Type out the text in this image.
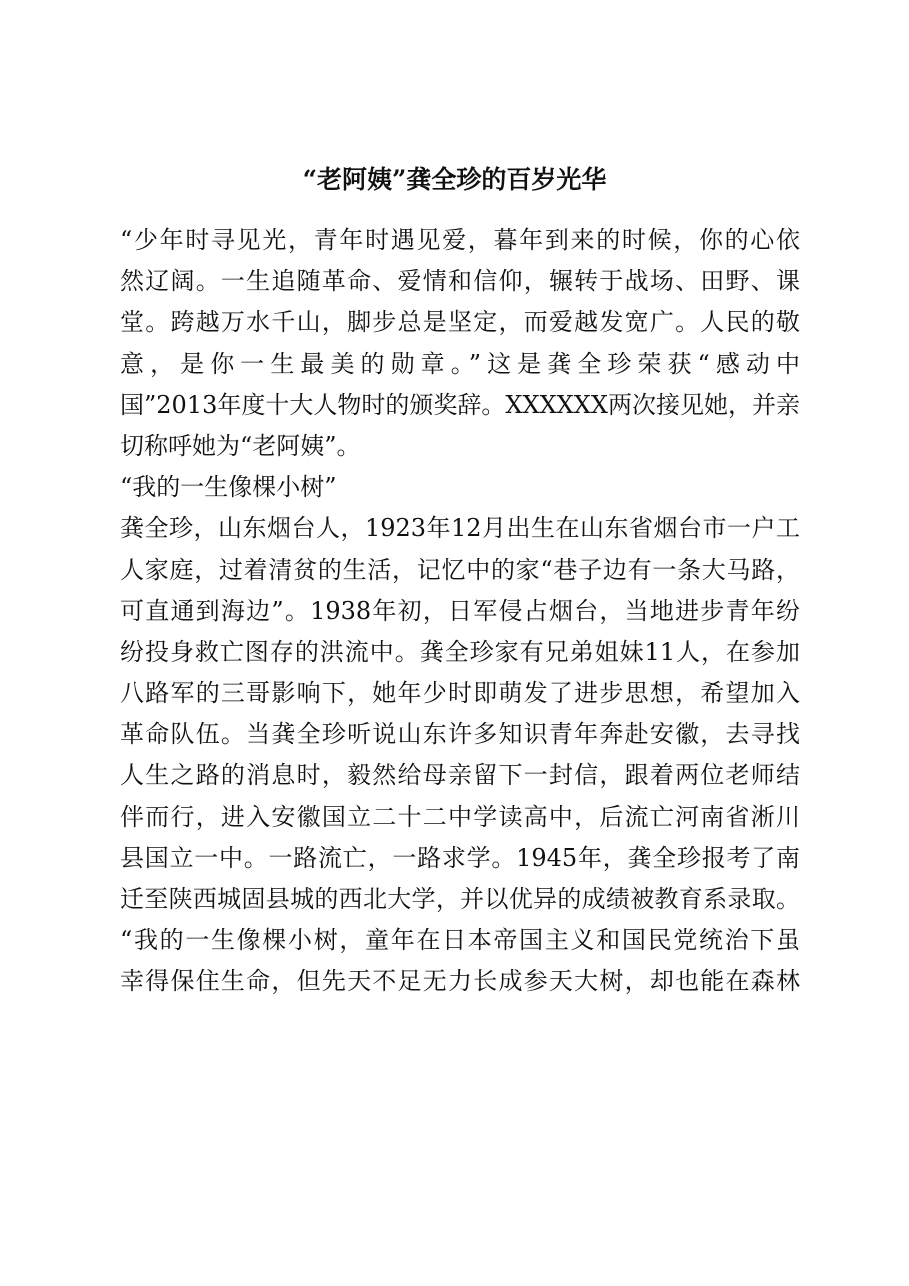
“老阿姨”龚全珍的百岁光华
“少年时寻见光，青年时遇见爱，暮年到来的时候，你的心依
然辽阔。一生追随革命、爱情和信仰，辗转于战场、田野、课
堂。跨越万水千山，脚步总是坚定，而爱越发宽广。人民的敬
意，是你一生最美的勋章。”这是龚全珍荣获“感动中
国”2013年度十大人物时的颁奖辞。XXXXXX两次接见她，并亲
切称呼她为“老阿姨”。
“我的一生像棵小树”
龚全珍，山东烟台人，1923年12月出生在山东省烟台市一户工
人家庭，过着清贫的生活，记忆中的家“巷子边有一条大马路，
可直通到海边”。1938年初，日军侵占烟台，当地进步青年纷
纷投身救亡图存的洪流中。龚全珍家有兄弟姐妹11人，在参加
八路军的三哥影响下，她年少时即萌发了进步思想，希望加入
革命队伍。当龚全珍听说山东许多知识青年奔赴安徽，去寻找
人生之路的消息时，毅然给母亲留下一封信，跟着两位老师结
伴而行，进入安徽国立二十二中学读高中，后流亡河南省淅川
县国立一中。一路流亡，一路求学。1945年，龚全珍报考了南
迁至陕西城固县城的西北大学，并以优异的成绩被教育系录取。
“我的一生像棵小树，童年在日本帝国主义和国民党统治下虽
幸得保住生命，但先天不足无力长成参天大树，却也能在森林
